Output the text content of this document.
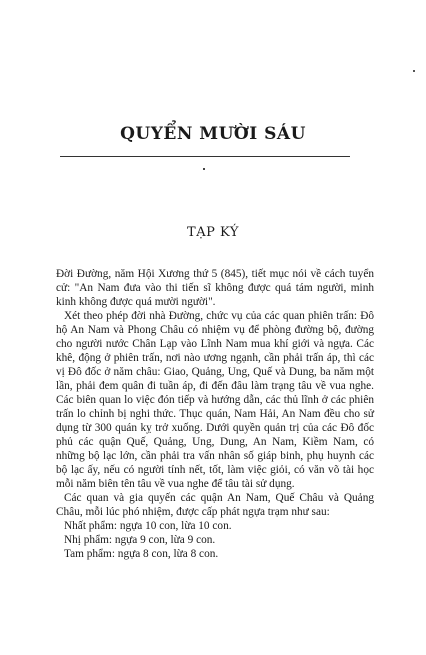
QUYỂN MƯỜI SÁU
TẠP KÝ

Đời Đường, năm Hội Xương thứ 5 (845), tiết mục nói về cách tuyển cử: "An Nam đưa vào thi tiến sĩ không được quá tám người, minh kinh không được quá mười người".

Xét theo phép đời nhà Đường, chức vụ của các quan phiên trấn: Đô hộ An Nam và Phong Châu có nhiệm vụ để phòng đường bộ, đường cho người nước Chân Lạp vào Lĩnh Nam mua khí giới và ngựa. Các khê, động ở phiên trấn, nơi nào ương ngạnh, cần phải trấn áp, thì các vị Đô đốc ở năm châu: Giao, Quảng, Ung, Quế và Dung, ba năm một lần, phải đem quân đi tuần áp, đi đến đâu làm trạng tâu về vua nghe. Các biên quan lo việc đón tiếp và hướng dẫn, các thủ lĩnh ở các phiên trấn lo chỉnh bị nghi thức. Thục quán, Nam Hải, An Nam đều cho sử dụng từ 300 quán kỵ trở xuống. Dưới quyền quản trị của các Đô đốc phủ các quận Quế, Quảng, Ung, Dung, An Nam, Kiềm Nam, có những bộ lạc lớn, cần phải tra vấn nhân số giáp binh, phụ huynh các bộ lạc ấy, nếu có người tính nết, tốt, làm việc giỏi, có văn võ tài học mỗi năm biên tên tâu về vua nghe để tâu tài sử dụng.

Các quan và gia quyến các quận An Nam, Quế Châu và Quảng Châu, mỗi lúc phó nhiệm, được cấp phát ngựa trạm như sau:

Nhất phẩm: ngựa 10 con, lừa 10 con.

Nhị phẩm: ngựa 9 con, lừa 9 con.

Tam phẩm: ngựa 8 con, lừa 8 con.
